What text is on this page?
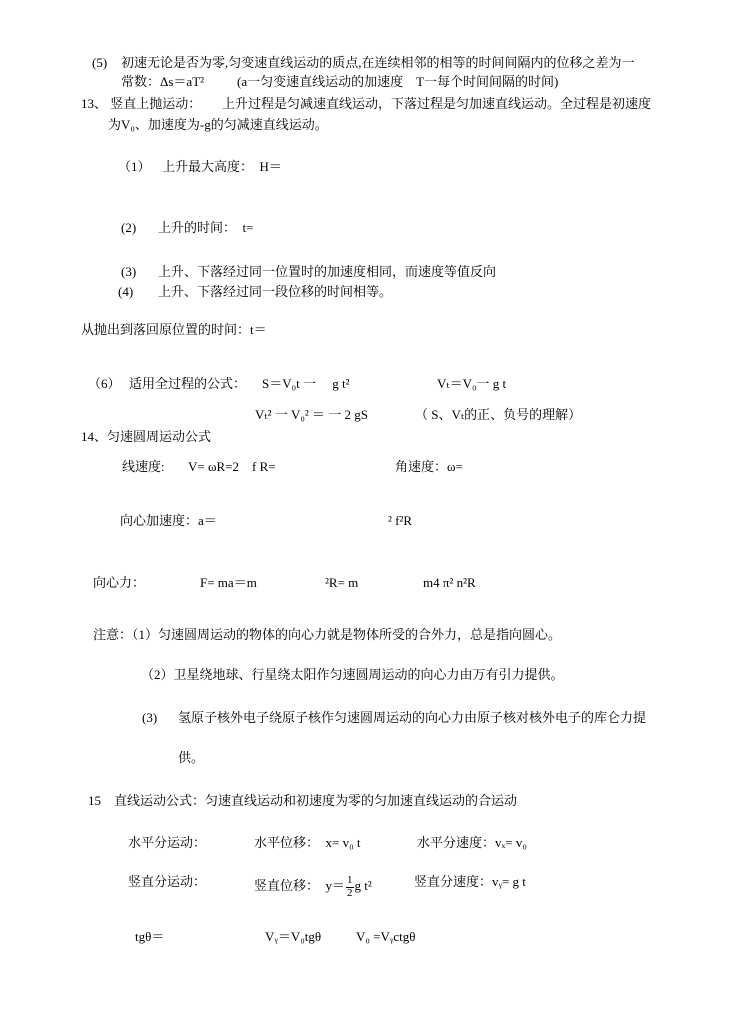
(5) 初速无论是否为零,匀变速直线运动的质点,在连续相邻的相等的时间间隔内的位移之差为一
常数：Δs＝aT²	(a一匀变速直线运动的加速度　T一每个时间间隔的时间)
13、 竖直上抛运动： 上升过程是匀减速直线运动，下落过程是匀加速直线运动。全过程是初速度
为V₀、加速度为-g的匀减速直线运动。
（1） 上升最大高度：　H＝
(2) 上升的时间：　t=
(3) 上升、下落经过同一位置时的加速度相同，而速度等值反向
(4) 上升、下落经过同一段位移的时间相等。
从抛出到落回原位置的时间：t＝
（6） 适用全过程的公式： S＝V₀t 一　 g t²	Vₜ＝V₀一 g t
Vₜ² 一 V₀² ＝ 一 2 gS	（ S、Vₜ的正、负号的理解）
14、匀速圆周运动公式
线速度: V= ωR=2　f R=	角速度：ω=
向心加速度：a＝	² f²R
向心力：	F= ma＝m	²R= m	m4 π² n²R
注意：（1）匀速圆周运动的物体的向心力就是物体所受的合外力，总是指向圆心。
（2）卫星绕地球、行星绕太阳作匀速圆周运动的向心力由万有引力提供。
(3) 氢原子核外电子绕原子核作匀速圆周运动的向心力由原子核对核外电子的库仑力提
供。
15　直线运动公式：匀速直线运动和初速度为零的匀加速直线运动的合运动
水平分运动：	水平位移：　x= v₀ t	水平分速度：vₓ= v₀
竖直分运动：	竖直位移：　$y= \frac{1}{2}$ g t²	竖直分速度：vᵧ= g t
tgθ＝	Vᵧ＝V₀tgθ	V₀ =Vᵧctgθ
